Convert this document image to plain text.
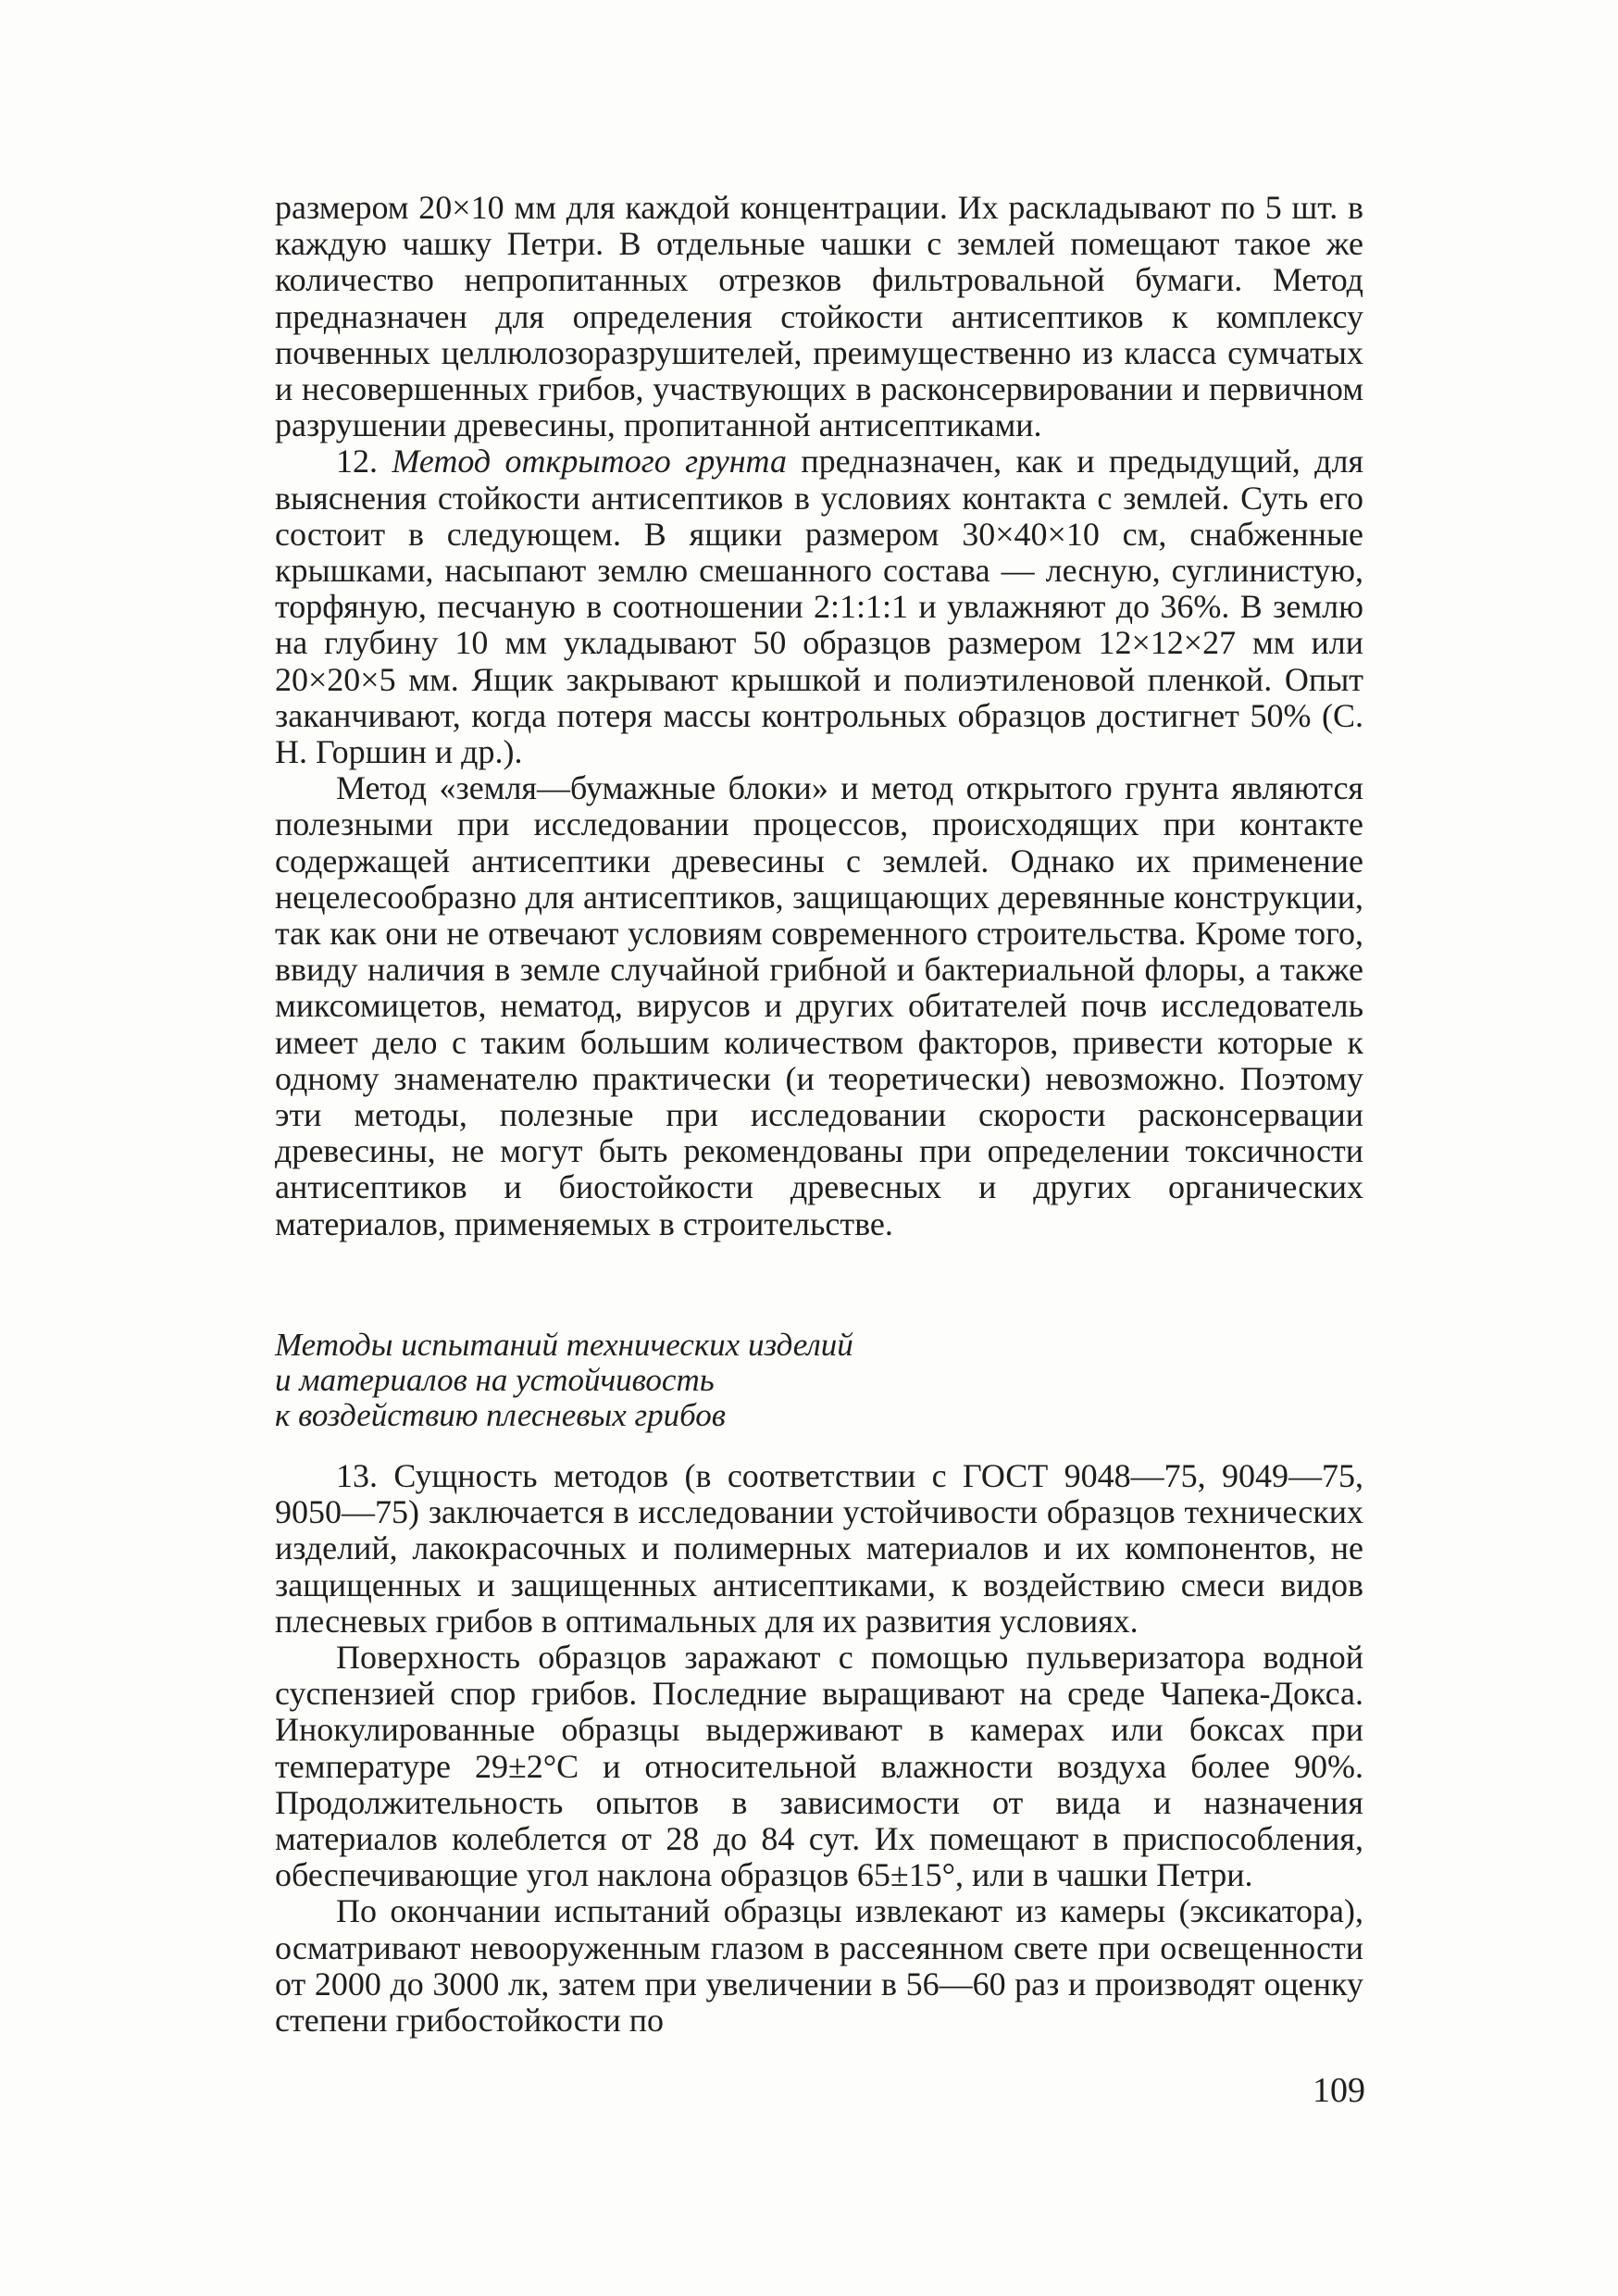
размером 20×10 мм для каждой концентрации. Их раскладывают по 5 шт. в каждую чашку Петри. В отдельные чашки с землей помещают такое же количество непропитанных отрезков фильтровальной бумаги. Метод предназначен для определения стойкости антисептиков к комплексу почвенных целлюлозоразрушителей, преимущественно из класса сумчатых и несовершенных грибов, участвующих в расконсервировании и первичном разрушении древесины, пропитанной антисептиками.

12. Метод открытого грунта предназначен, как и предыдущий, для выяснения стойкости антисептиков в условиях контакта с землей. Суть его состоит в следующем. В ящики размером 30×40×10 см, снабженные крышками, насыпают землю смешанного состава — лесную, суглинистую, торфяную, песчаную в соотношении 2:1:1:1 и увлажняют до 36%. В землю на глубину 10 мм укладывают 50 образцов размером 12×12×27 мм или 20×20×5 мм. Ящик закрывают крышкой и полиэтиленовой пленкой. Опыт заканчивают, когда потеря массы контрольных образцов достигнет 50% (С. Н. Горшин и др.).

Метод «земля—бумажные блоки» и метод открытого грунта являются полезными при исследовании процессов, происходящих при контакте содержащей антисептики древесины с землей. Однако их применение нецелесообразно для антисептиков, защищающих деревянные конструкции, так как они не отвечают условиям современного строительства. Кроме того, ввиду наличия в земле случайной грибной и бактериальной флоры, а также миксомицетов, нематод, вирусов и других обитателей почв исследователь имеет дело с таким большим количеством факторов, привести которые к одному знаменателю практически (и теоретически) невозможно. Поэтому эти методы, полезные при исследовании скорости расконсервации древесины, не могут быть рекомендованы при определении токсичности антисептиков и биостойкости древесных и других органических материалов, применяемых в строительстве.

Методы испытаний технических изделий
и материалов на устойчивость
к воздействию плесневых грибов

13. Сущность методов (в соответствии с ГОСТ 9048—75, 9049—75, 9050—75) заключается в исследовании устойчивости образцов технических изделий, лакокрасочных и полимерных материалов и их компонентов, не защищенных и защищенных антисептиками, к воздействию смеси видов плесневых грибов в оптимальных для их развития условиях.

Поверхность образцов заражают с помощью пульверизатора водной суспензией спор грибов. Последние выращивают на среде Чапека-Докса. Инокулированные образцы выдерживают в камерах или боксах при температуре 29±2°С и относительной влажности воздуха более 90%. Продолжительность опытов в зависимости от вида и назначения материалов колеблется от 28 до 84 сут. Их помещают в приспособления, обеспечивающие угол наклона образцов 65±15°, или в чашки Петри.

По окончании испытаний образцы извлекают из камеры (эксикатора), осматривают невооруженным глазом в рассеянном свете при освещенности от 2000 до 3000 лк, затем при увеличении в 56—60 раз и производят оценку степени грибостойкости по

109
